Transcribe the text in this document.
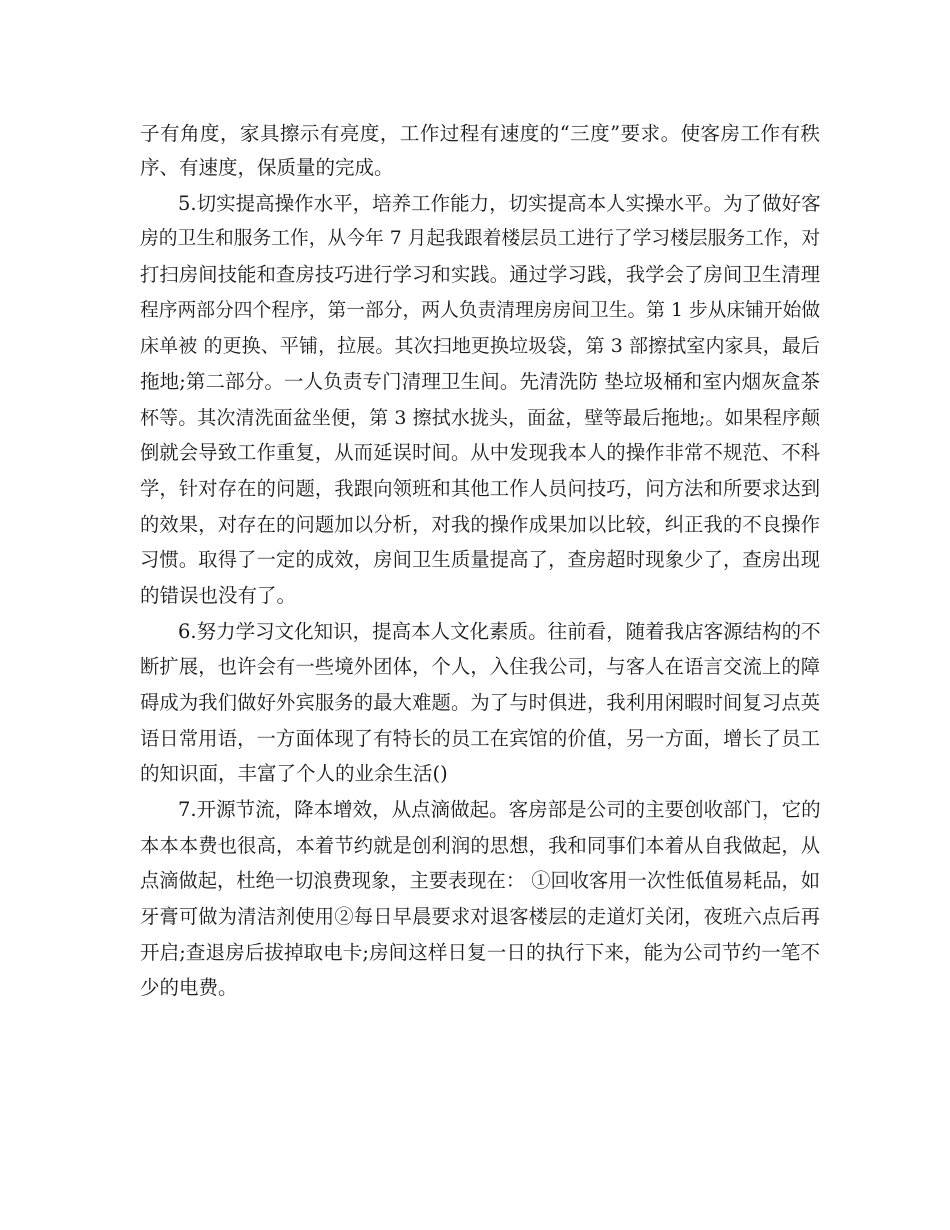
子有角度，家具擦示有亮度，工作过程有速度的“三度”要求。使客房工作有秩

序、有速度，保质量的完成。

5.切实提高操作水平，培养工作能力，切实提高本人实操水平。为了做好客

房的卫生和服务工作，从今年 7 月起我跟着楼层员工进行了学习楼层服务工作，对

打扫房间技能和查房技巧进行学习和实践。通过学习践，我学会了房间卫生清理

程序两部分四个程序，第一部分，两人负责清理房房间卫生。第 1 步从床铺开始做

床单被 的更换、平铺，拉展。其次扫地更换垃圾袋，第 3 部擦拭室内家具，最后

拖地;第二部分。一人负责专门清理卫生间。先清洗防 垫垃圾桶和室内烟灰盒茶

杯等。其次清洗面盆坐便，第 3 擦拭水拢头，面盆，壁等最后拖地;。如果程序颠

倒就会导致工作重复，从而延误时间。从中发现我本人的操作非常不规范、不科

学，针对存在的问题，我跟向领班和其他工作人员问技巧，问方法和所要求达到

的效果，对存在的问题加以分析，对我的操作成果加以比较，纠正我的不良操作

习惯。取得了一定的成效，房间卫生质量提高了，查房超时现象少了，查房出现

的错误也没有了。

6.努力学习文化知识，提高本人文化素质。往前看，随着我店客源结构的不

断扩展，也许会有一些境外团体，个人，入住我公司，与客人在语言交流上的障

碍成为我们做好外宾服务的最大难题。为了与时俱进，我利用闲暇时间复习点英

语日常用语，一方面体现了有特长的员工在宾馆的价值，另一方面，增长了员工

的知识面，丰富了个人的业余生活()

7.开源节流，降本增效，从点滴做起。客房部是公司的主要创收部门，它的

本本本费也很高，本着节约就是创利润的思想，我和同事们本着从自我做起，从

点滴做起，杜绝一切浪费现象，主要表现在： ①回收客用一次性低值易耗品，如

牙膏可做为清洁剂使用②每日早晨要求对退客楼层的走道灯关闭，夜班六点后再

开启;查退房后拔掉取电卡;房间这样日复一日的执行下来，能为公司节约一笔不

少的电费。
